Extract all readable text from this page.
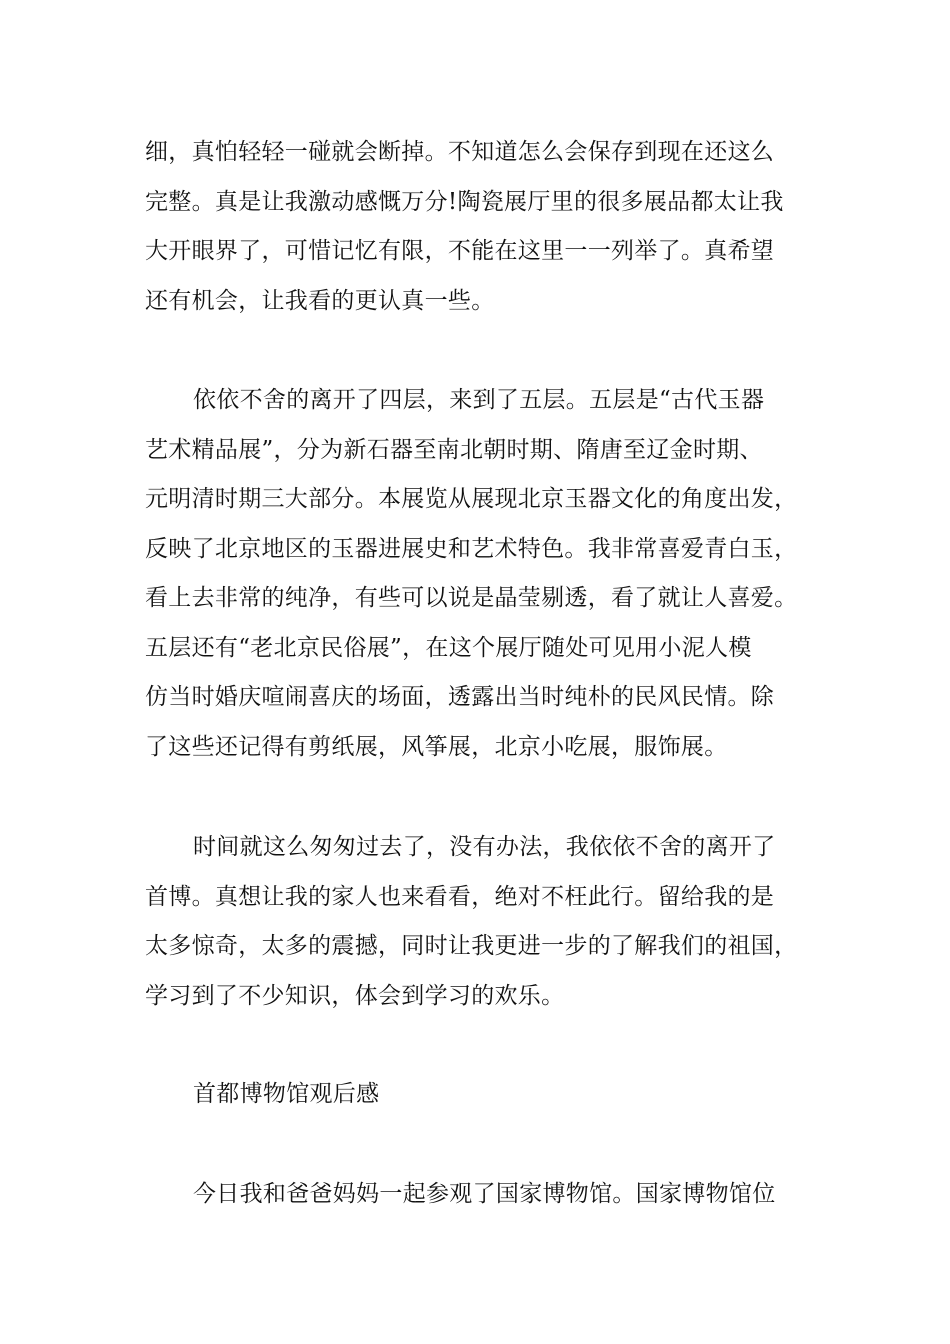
细，真怕轻轻一碰就会断掉。不知道怎么会保存到现在还这么
完整。真是让我激动感慨万分!陶瓷展厅里的很多展品都太让我
大开眼界了，可惜记忆有限，不能在这里一一列举了。真希望
还有机会，让我看的更认真一些。
依依不舍的离开了四层，来到了五层。五层是“古代玉器
艺术精品展”，分为新石器至南北朝时期、隋唐至辽金时期、
元明清时期三大部分。本展览从展现北京玉器文化的角度出发，
反映了北京地区的玉器进展史和艺术特色。我非常喜爱青白玉，
看上去非常的纯净，有些可以说是晶莹剔透，看了就让人喜爱。
五层还有“老北京民俗展”，在这个展厅随处可见用小泥人模
仿当时婚庆喧闹喜庆的场面，透露出当时纯朴的民风民情。除
了这些还记得有剪纸展，风筝展，北京小吃展，服饰展。
时间就这么匆匆过去了，没有办法，我依依不舍的离开了
首博。真想让我的家人也来看看，绝对不枉此行。留给我的是
太多惊奇，太多的震撼，同时让我更进一步的了解我们的祖国，
学习到了不少知识，体会到学习的欢乐。
首都博物馆观后感
今日我和爸爸妈妈一起参观了国家博物馆。国家博物馆位
